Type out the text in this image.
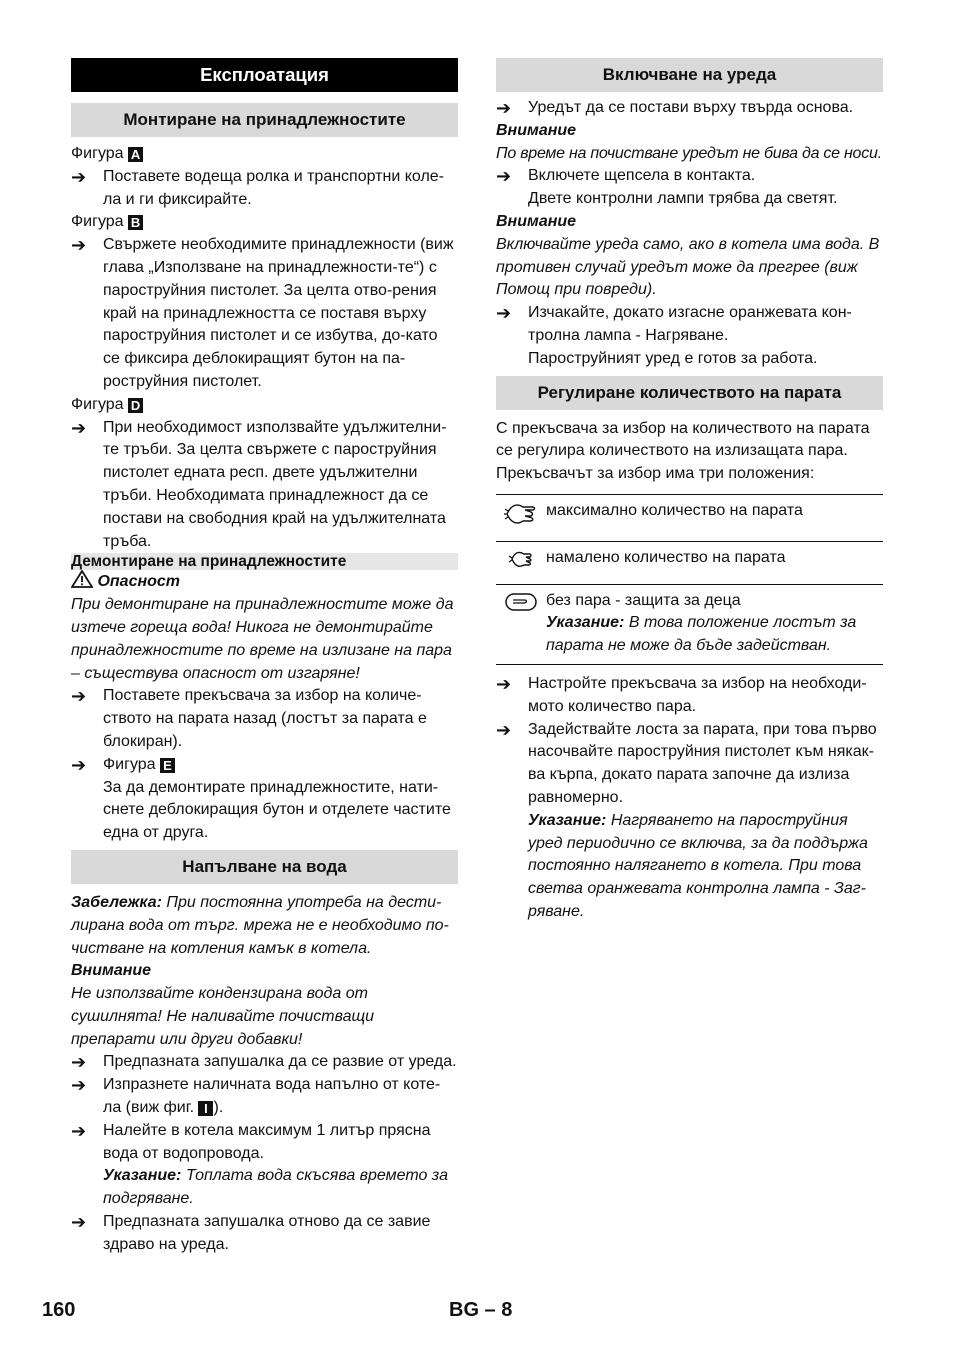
Експлоатация
Монтиране на принадлежностите

Фигура A

➔ Поставете водеща ролка и транспортни коле-ла и ги фиксирайте.

Фигура B

➔ Свържете необходимите принадлежности (виж глава „Използване на принадлежности-те“) с пароструйния пистолет. За целта отво-рения край на принадлежността се поставя върху пароструйния пистолет и се избутва, до-като се фиксира деблокиращият бутон на па-роструйния пистолет.

Фигура D

➔ При необходимост използвайте удължителни-те тръби. За целта свържете с пароструйния пистолет едната респ. двете удължителни тръби. Необходимата принадлежност да се постави на свободния край на удължителната тръба.

Демонтиране на принадлежностите

Опасност

При демонтиране на принадлежностите може да изтече гореща вода! Никога не демонтирайте принадлежностите по време на излизане на пара – съществува опасност от изгаряне!

➔ Поставете прекъсвача за избор на количе-ството на парата назад (лостът за парата е блокиран).

➔ Фигура E

За да демонтирате принадлежностите, нати-снете деблокиращия бутон и отделете частите една от друга.

Напълване на вода

Забележка: При постоянна употреба на дести-лирана вода от търг. мрежа не е необходимо по-чистване на котления камък в котела.

Внимание

Не използвайте кондензирана вода от сушилнята! Не наливайте почистващи препарати или други добавки!

➔ Предпазната запушалка да се развие от уреда.

➔ Изпразнете наличната вода напълно от коте-ла (виж фиг. I ).

➔ Налейте в котела максимум 1 литър прясна вода от водопровода.

Указание: Топлата вода скъсява времето за подгряване.

➔ Предпазната запушалка отново да се завие здраво на уреда.

Включване на уреда

➔ Уредът да се постави върху твърда основа.

Внимание

По време на почистване уредът не бива да се носи.

➔ Включете щепсела в контакта.

Двете контролни лампи трябва да светят.

Внимание

Включвайте уреда само, ако в котела има вода. В противен случай уредът може да прегрее (виж Помощ при повреди).

➔ Изчакайте, докато изгасне оранжевата кон-тролна лампа - Нагряване.

Пароструйният уред е готов за работа.

Регулиране количеството на парата

С прекъсвача за избор на количеството на парата се регулира количеството на излизащата пара. Прекъсвачът за избор има три положения:

	максимално количество на парата
	намалено количество на парата
	без пара - защита за деца
Указание: В това положение лостът за парата не може да бъде задействан.

➔ Настройте прекъсвача за избор на необходи-мото количество пара.

➔ Задействайте лоста за парата, при това първо насочвайте пароструйния пистолет към някак-ва кърпа, докато парата започне да излиза равномерно.

Указание: Нагряването на пароструйния уред периодично се включва, за да поддържа постоянно налягането в котела. При това светва оранжевата контролна лампа - Заг-ряване.

160	BG – 8
